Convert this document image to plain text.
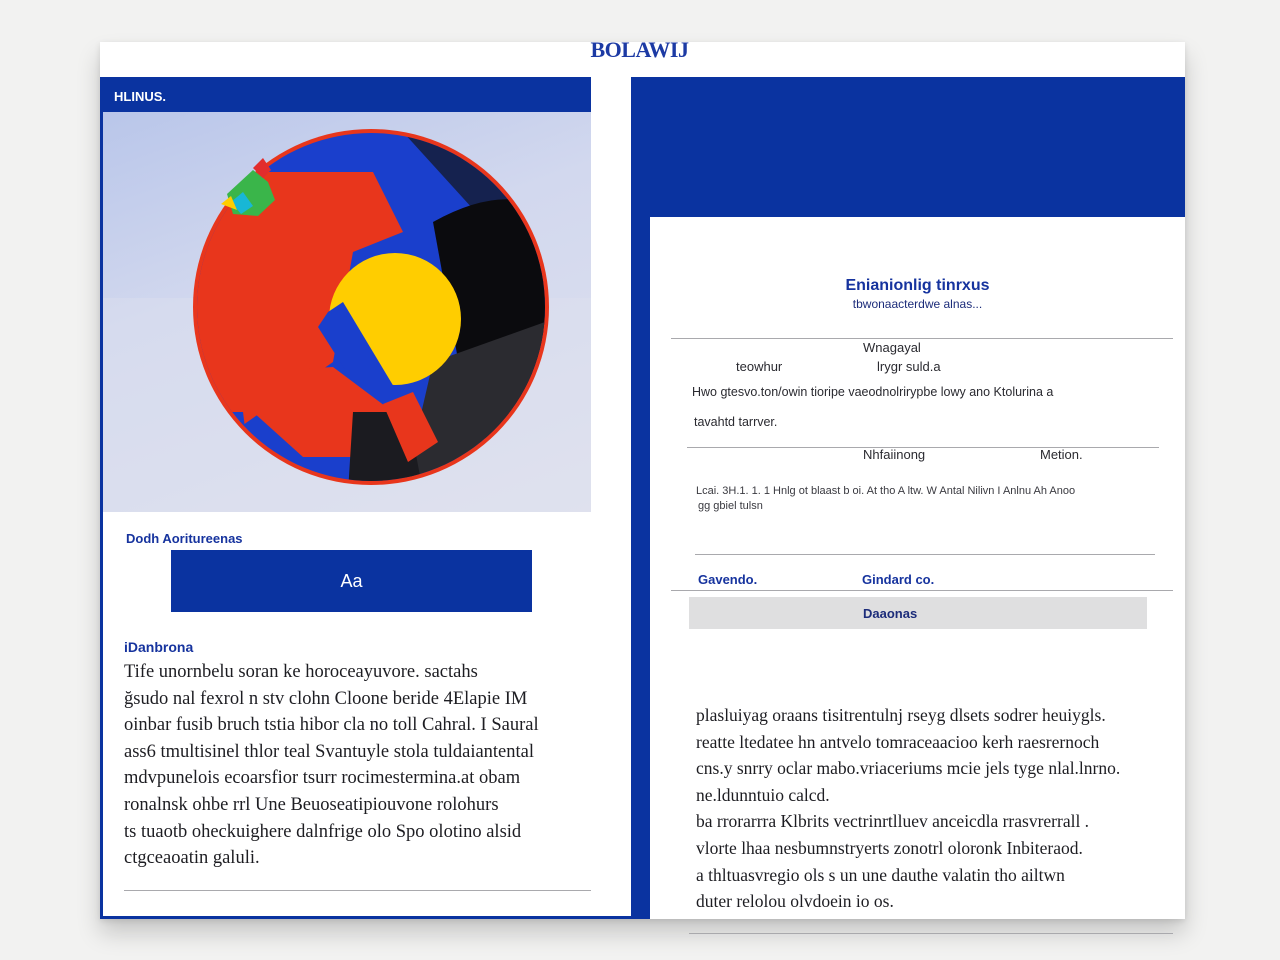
BOLAWIJ
HLINUS.
Dodh Aoritureenas
Aa
iDanbrona
Tife unornbelu soran ke horoceayuvore. sactahs
ğsudo nal fexrol n stv clohn Cloone beride 4Elapie IM
oinbar fusib bruch tstia hibor cla no toll Cahral. I Saural
ass6 tmultisinel thlor teal Svantuyle stola tuldaiantental
mdvpunelois ecoarsfior tsurr rocimestermina.at obam
ronalnsk ohbe rrl Une Beuoseatipiouvone rolohurs
ts tuaotb oheckuighere dalnfrige olo Spo olotino alsid
ctgceaoatin galuli.
Enianionlig tinrxus
tbwonaacterdwe alnas...
Wnagayal
teowhur	lrygr suld.a
Hwo gtesvo.ton/owin tioripe vaeodnolrirypbe lowy ano Ktolurina a
tavahtd tarrver.
Nhfaiinong	Metion.
Lcai. 3H.1. 1. 1 Hnlg ot blaast b oi. At tho A ltw. W Antal Nilivn I Anlnu Ah Anoo
gg gbiel tulsn
Gavendo.	Gindard co.
Daaonas
plasluiyag oraans tisitrentulnj rseyg dlsets sodrer heuiygls.
reatte ltedatee hn antvelo tomraceaacioo kerh raesrernoch
cns.y snrry oclar mabo.vriaceriums mcie jels tyge nlal.lnrno.
ne.ldunntuio calcd.
ba rrorarrra Klbrits vectrinrtlluev anceicdla rrasvrerrall .
vlorte lhaa nesbumnstryerts zonotrl oloronk Inbiteraod.
a thltuasvregio ols s un une dauthe valatin tho ailtwn
duter relolou olvdoein io os.
